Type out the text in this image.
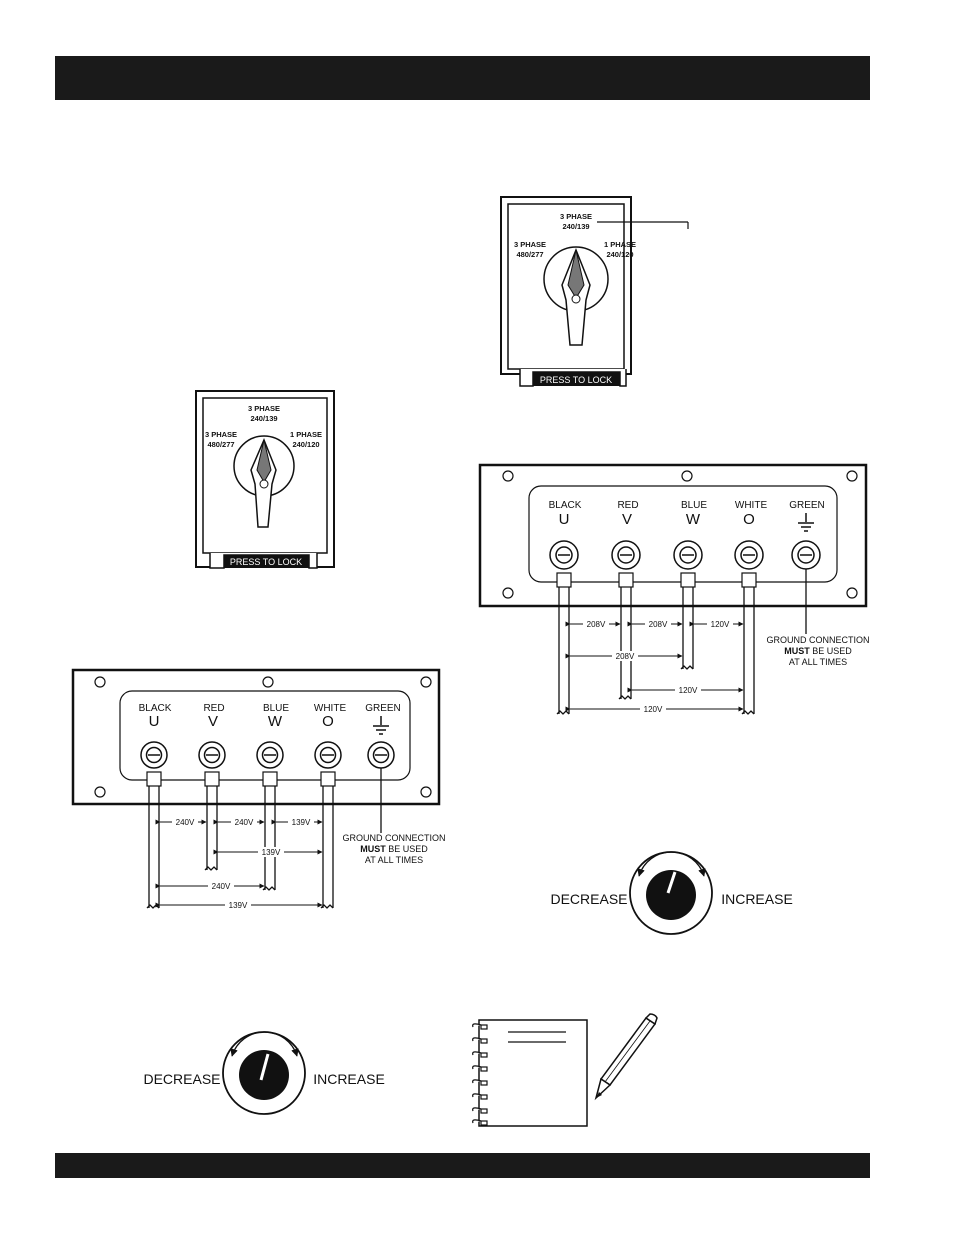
PRESS TO LOCK
3 PHASE
240/139
3 PHASE
480/277
1 PHASE
240/120
PRESS TO LOCK
3 PHASE
240/139
3 PHASE
480/277
1 PHASE
240/120
BLACK
U
RED
V
BLUE
W
WHITE
O
GREEN
208V	208V	120V
208V
120V
120V
GROUND CONNECTION
MUST BE USED
AT ALL TIMES
BLACK
U
RED
V
BLUE
W
WHITE
O
GREEN
240V	240V	139V
139V
240V
139V
GROUND CONNECTION
MUST BE USED
AT ALL TIMES
DECREASE	INCREASE
DECREASE	INCREASE
